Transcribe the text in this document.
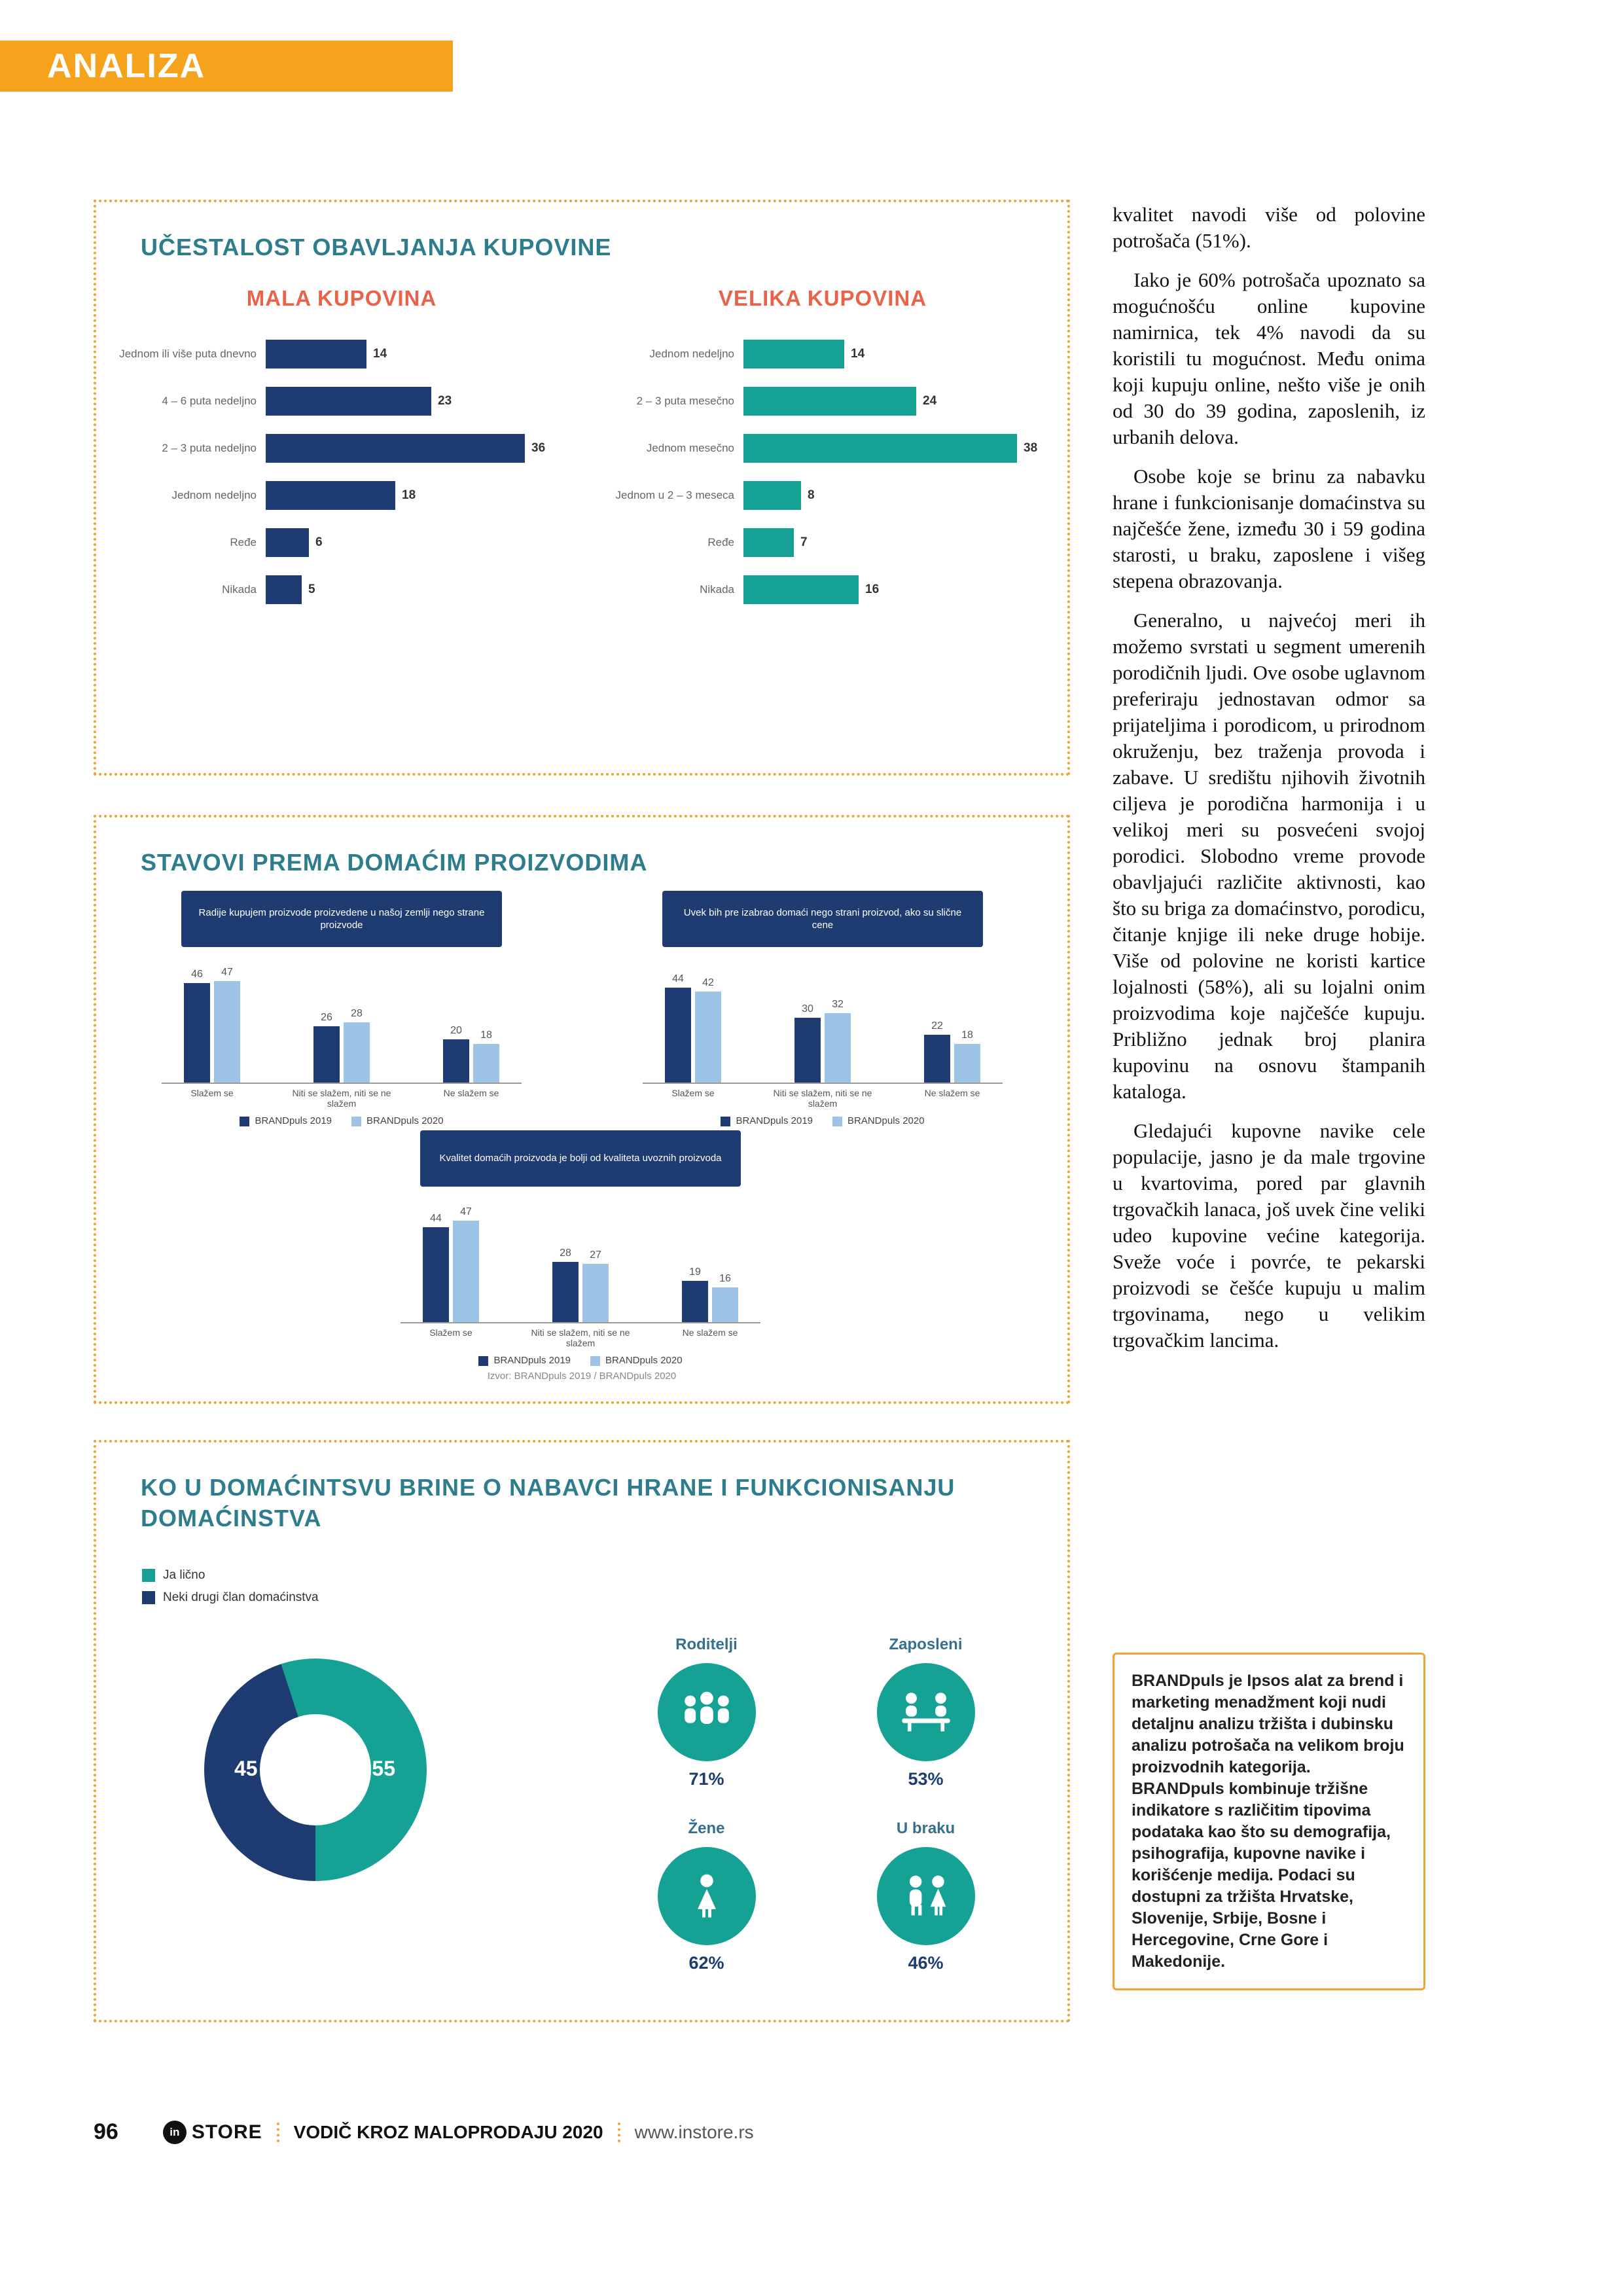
ANALIZA
UČESTALOST OBAVLJANJA KUPOVINE
MALA KUPOVINA
Jednom ili više puta dnevno	14
4 – 6 puta nedeljno	23
2 – 3 puta nedeljno	36
Jednom nedeljno	18
Ređe	6
Nikada	5
VELIKA KUPOVINA
Jednom nedeljno	14
2 – 3 puta mesečno	24
Jednom mesečno	38
Jednom u 2 – 3 meseca	8
Ređe	7
Nikada	16
STAVOVI PREMA DOMAĆIM PROIZVODIMA
Radije kupujem proizvode proizvedene u našoj zemlji nego strane proizvode
46 47
Slažem se
26 28
Niti se slažem, niti se ne slažem
20 18
Ne slažem se
BRANDpuls 2019	BRANDpuls 2020
Uvek bih pre izabrao domaći nego strani proizvod, ako su slične cene
44 42
Slažem se
30 32
Niti se slažem, niti se ne slažem
22
18
Ne slažem se
BRANDpuls 2019	BRANDpuls 2020
Kvalitet domaćih proizvoda je bolji od kvaliteta uvoznih proizvoda
44
47
Slažem se
28 27
Niti se slažem, niti se ne slažem
19
16
Ne slažem se
BRANDpuls 2019	BRANDpuls 2020
Izvor: BRANDpuls 2019 / BRANDpuls 2020
KO U DOMAĆINTSVU BRINE O NABAVCI HRANE I FUNKCIONISANJU DOMAĆINSTVA
Ja lično
Neki drugi član domaćinstva
45	55
Roditelji
71%
Zaposleni
53%
Žene
62%
U braku
46%

kvalitet navodi više od polovine potrošača (51%).

Iako je 60% potrošača upoznato sa mogućnošću online kupovine namirnica, tek 4% navodi da su koristili tu mogućnost. Među onima koji kupuju online, nešto više je onih od 30 do 39 godina, zaposlenih, iz urbanih delova.

Osobe koje se brinu za nabavku hrane i funkcionisanje domaćinstva su najčešće žene, između 30 i 59 godina starosti, u braku, zaposlene i višeg stepena obrazovanja.

Generalno, u najvećoj meri ih možemo svrstati u segment umerenih porodičnih ljudi. Ove osobe uglavnom preferiraju jednostavan odmor sa prijateljima i porodicom, u prirodnom okruženju, bez traženja provoda i zabave. U središtu njihovih životnih ciljeva je porodična harmonija i u velikoj meri su posvećeni svojoj porodici. Slobodno vreme provode obavljajući različite aktivnosti, kao što su briga za domaćinstvo, porodicu, čitanje knjige ili neke druge hobije. Više od polovine ne koristi kartice lojalnosti (58%), ali su lojalni onim proizvodima koje najčešće kupuju. Približno jednak broj planira kupovinu na osnovu štampanih kataloga.

Gledajući kupovne navike cele populacije, jasno je da male trgovine u kvartovima, pored par glavnih trgovačkih lanaca, još uvek čine veliki udeo kupovine većine kategorija. Sveže voće i povrće, te pekarski proizvodi se češće kupuju u malim trgovinama, nego u velikim trgovačkim lancima.

BRANDpuls je Ipsos alat za brend i marketing menadžment koji nudi detaljnu analizu tržišta i dubinsku analizu potrošača na velikom broju proizvodnih kategorija. BRANDpuls kombinuje tržišne indikatore s različitim tipovima podataka kao što su demografija, psihografija, kupovne navike i korišćenje medija. Podaci su dostupni za tržišta Hrvatske, Slovenije, Srbije, Bosne i Hercegovine, Crne Gore i Makedonije.
96	in STORE VODIČ KROZ MALOPRODAJU 2020 www.instore.rs
